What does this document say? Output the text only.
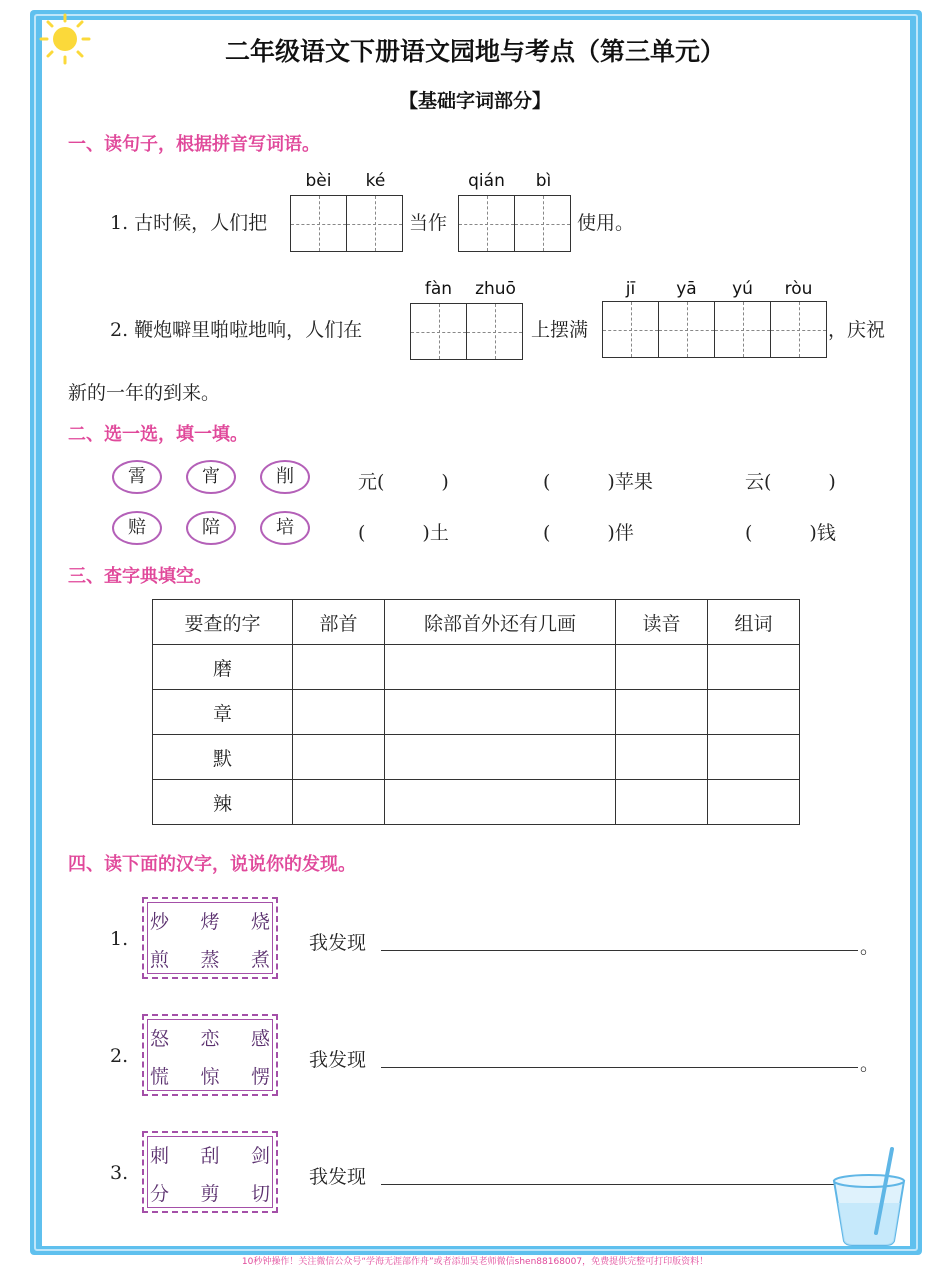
二年级语文下册语文园地与考点（第三单元）
【基础字词部分】
一、读句子，根据拼音写词语。
bèi	ké	qián	bì
1. 古时候，人们把	当作	使用。
fàn	zhuō	jī	yā	yú	ròu
2. 鞭炮噼里啪啦地响，人们在	上摆满	，庆祝
新的一年的到来。
二、选一选，填一填。
霄	宵	削	元(　　　)	(　　　)苹果	云(　　　)
赔	陪	培	(　　　)土	(　　　)伴	(　　　)钱
三、查字典填空。
要查的字	部首	除部首外还有几画	读音	组词
磨				
章				
默				
辣				
四、读下面的汉字，说说你的发现。
1.
炒 烤 烧
煎 蒸 煮
我发现	。
2.
怒 恋 感
慌 惊 愣
我发现	。
3.
刺 刮 剑
分 剪 切
我发现
10秒钟操作！关注微信公众号“学海无涯部作舟”或者添加吴老师微信shen88168007，免费提供完整可打印版资料！
